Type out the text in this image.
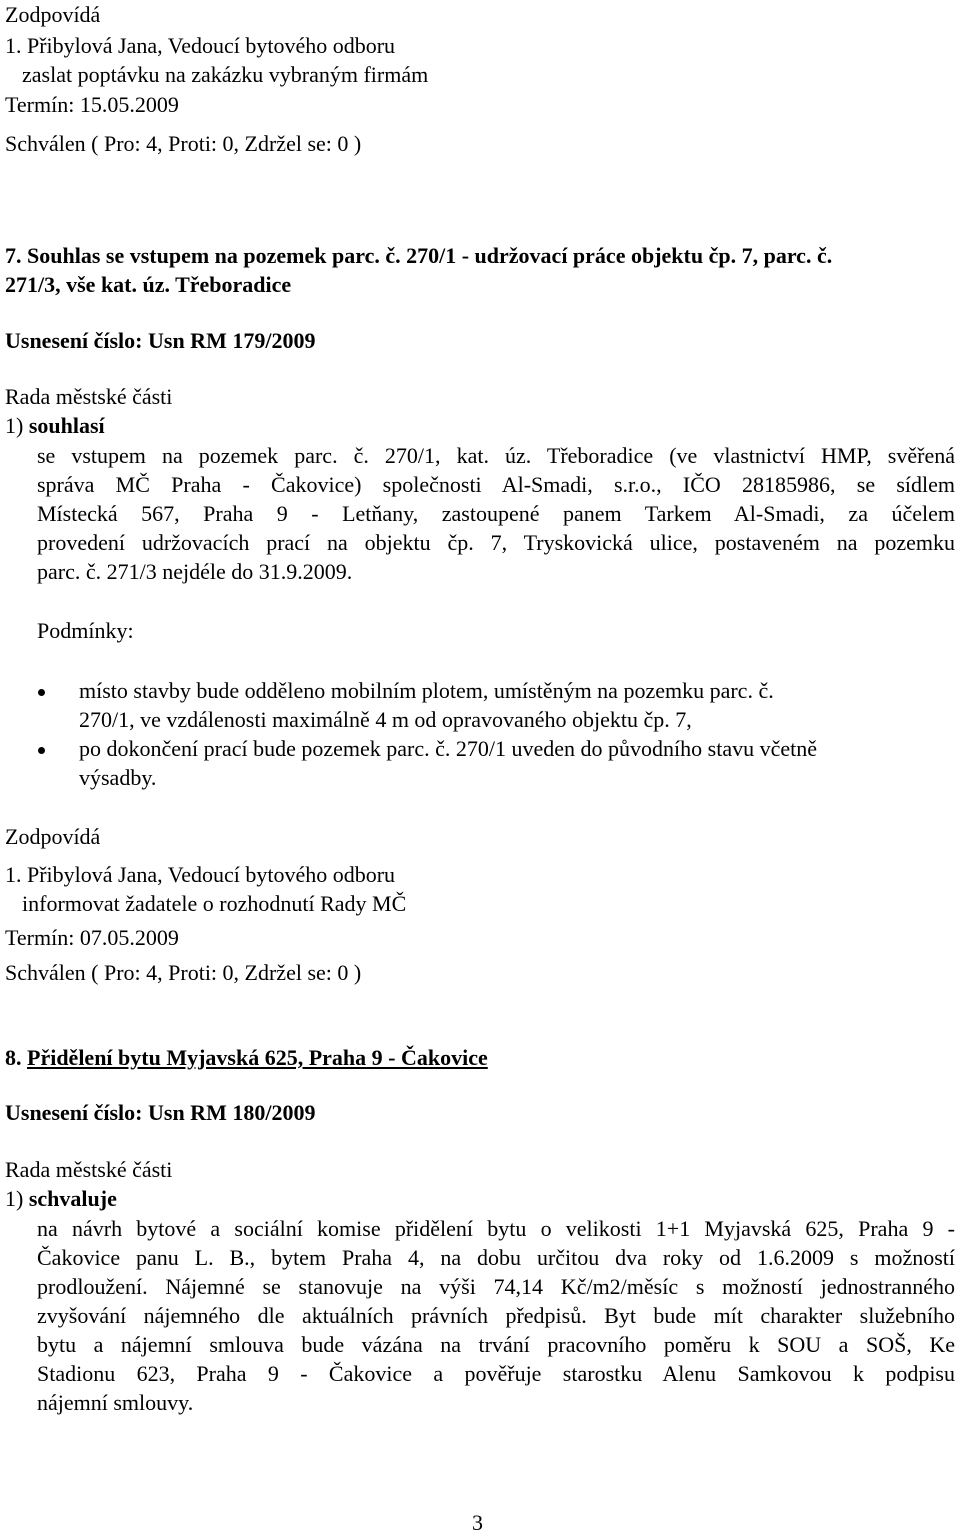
Zodpovídá
1. Přibylová Jana, Vedoucí bytového odboru
zaslat poptávku na zakázku vybraným firmám
Termín: 15.05.2009
Schválen ( Pro: 4, Proti: 0, Zdržel se: 0 )
7. Souhlas se vstupem na pozemek parc. č. 270/1 - udržovací práce objektu čp. 7, parc. č.
271/3, vše kat. úz. Třeboradice
Usnesení číslo: Usn RM 179/2009
Rada městské části
1) souhlasí
se vstupem na pozemek parc. č. 270/1, kat. úz. Třeboradice (ve vlastnictví HMP, svěřená
správa MČ Praha - Čakovice) společnosti Al-Smadi, s.r.o., IČO 28185986, se sídlem
Místecká 567, Praha 9 - Letňany, zastoupené panem Tarkem Al-Smadi, za účelem
provedení udržovacích prací na objektu čp. 7, Tryskovická ulice, postaveném na pozemku
parc. č. 271/3 nejdéle do 31.9.2009.
Podmínky:
místo stavby bude odděleno mobilním plotem, umístěným na pozemku parc. č.
270/1, ve vzdálenosti maximálně 4 m od opravovaného objektu čp. 7,
po dokončení prací bude pozemek parc. č. 270/1 uveden do původního stavu včetně
výsadby.
Zodpovídá
1. Přibylová Jana, Vedoucí bytového odboru
informovat žadatele o rozhodnutí Rady MČ
Termín: 07.05.2009
Schválen ( Pro: 4, Proti: 0, Zdržel se: 0 )
8. Přidělení bytu Myjavská 625, Praha 9 - Čakovice
Usnesení číslo: Usn RM 180/2009
Rada městské části
1) schvaluje
na návrh bytové a sociální komise přidělení bytu o velikosti 1+1 Myjavská 625, Praha 9 -
Čakovice panu L. B., bytem Praha 4, na dobu určitou dva roky od 1.6.2009 s možností
prodloužení. Nájemné se stanovuje na výši 74,14 Kč/m2/měsíc s možností jednostranného
zvyšování nájemného dle aktuálních právních předpisů. Byt bude mít charakter služebního
bytu a nájemní smlouva bude vázána na trvání pracovního poměru k SOU a SOŠ, Ke
Stadionu 623, Praha 9 - Čakovice a pověřuje starostku Alenu Samkovou k podpisu
nájemní smlouvy.
3
